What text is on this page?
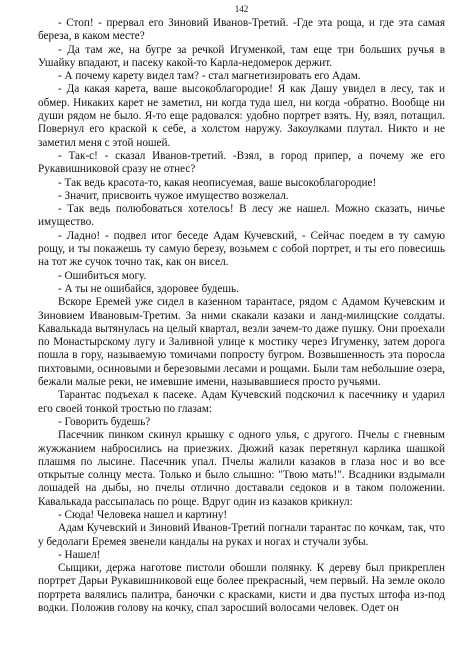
142

- Стоп! - прервал его Зиновий Иванов-Третий. -Где эта роща, и где эта самая береза, в каком месте?

- Да там же, на бугре за речкой Игуменкой, там еще три больших ручья в Ушайку впадают, и пасеку какой-то Карла-недомерок держит.

- А почему карету видел там? - стал магнетизировать его Адам.

- Да какая карета, ваше высокоблагородие! Я как Дашу увидел в лесу, так и обмер. Никаких карет не заметил, ни когда туда шел, ни когда -обратно. Вообще ни души рядом не было. Я-то еще радовался: удобно портрет взять. Ну, взял, потащил. Повернул его краской к себе, а холстом наружу. Закоулками плутал. Никто и не заметил меня с этой ношей.

- Так-с! - сказал Иванов-третий. -Взял, в город припер, а почему же его Рукавишниковой сразу не отнес?

- Так ведь красота-то, какая неописуемая, ваше высокоблагородие!

- Значит, присвоить чужое имущество возжелал.

- Так ведь полюбоваться хотелось! В лесу же нашел. Можно сказать, ничье имущество.

- Ладно! - подвел итог беседе Адам Кучевский, - Сейчас поедем в ту самую рощу, и ты покажешь ту самую березу, возьмем с собой портрет, и ты его повесишь на тот же сучок точно так, как он висел.

- Ошибиться могу.

- А ты не ошибайся, здоровее будешь.

Вскоре Еремей уже сидел в казенном тарантасе, рядом с Адамом Кучевским и Зиновием Ивановым-Третим. За ними скакали казаки и ланд-милицские солдаты. Кавалькада вытянулась на целый квартал, везли зачем-то даже пушку. Они проехали по Монастырскому лугу и Заливной улице к мостику через Игуменку, затем дорога пошла в гору, называемую томичами попросту бугром. Возвышенность эта поросла пихтовыми, осиновыми и березовыми лесами и рощами. Были там небольшие озера, бежали малые реки, не имевшие имени, называвшиеся просто ручьями.

Тарантас подъехал к пасеке. Адам Кучевский подскочил к пасечнику и ударил его своей тонкой тростью по глазам:

- Говорить будешь?

Пасечник пинком скинул крышку с одного улья, с другого. Пчелы с гневным жужжанием набросились на приезжих. Дюжий казак перетянул карлика шашкой плашмя по лысине. Пасечник упал. Пчелы жалили казаков в глаза нос и во все открытые солнцу места. Только и было слышно: "Твою мать!". Всадники вздымали лошадей на дыбы, но пчелы отлично доставали седоков и в таком положении. Кавалькада рассыпалась по роще. Вдруг один из казаков крикнул:

- Сюда! Человека нашел и картину!

Адам Кучевский и Зиновий Иванов-Третий погнали тарантас по кочкам, так, что у бедолаги Еремея звенели кандалы на руках и ногах и стучали зубы.

- Нашел!

Сыщики, держа наготове пистоли обошли полянку. К дереву был прикреплен портрет Дарьи Рукавишниковой еще более прекрасный, чем первый. На земле около портрета валялись палитра, баночки с красками, кисти и два пустых штофа из-под водки. Положив голову на кочку, спал заросший волосами человек. Одет он
